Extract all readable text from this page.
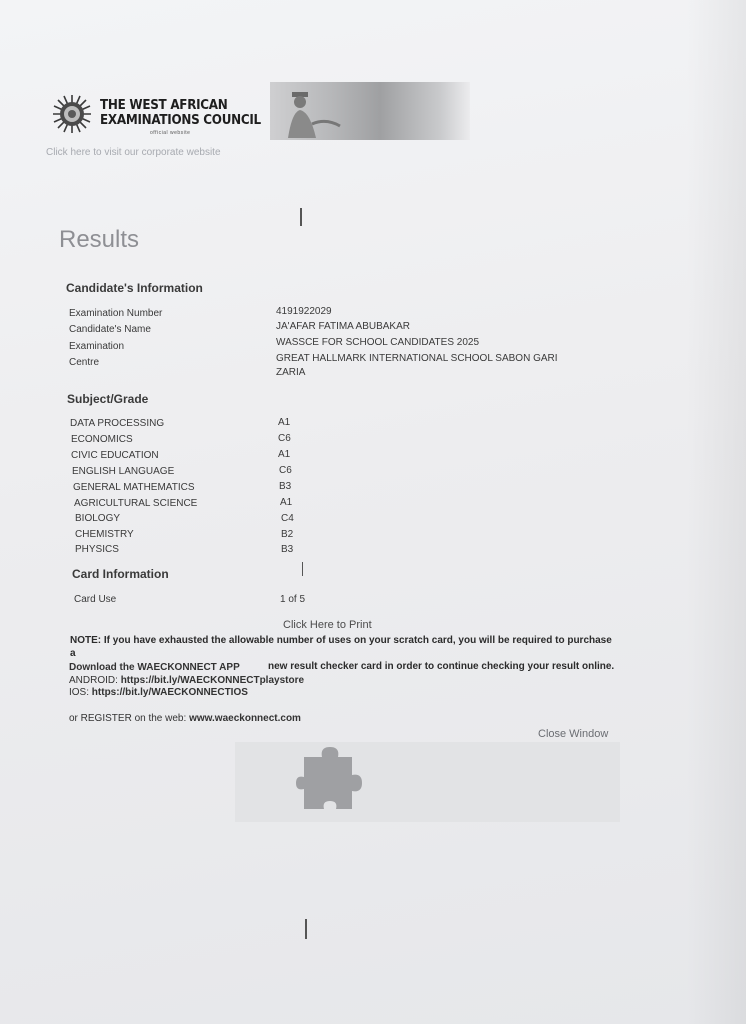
THE WEST AFRICAN
EXAMINATIONS COUNCIL
official website
Click here to visit our corporate website
Results
Candidate's Information
Examination Number	4191922029
Candidate's Name	JA'AFAR FATIMA ABUBAKAR
Examination	WASSCE FOR SCHOOL CANDIDATES 2025
Centre	GREAT HALLMARK INTERNATIONAL SCHOOL SABON GARI
ZARIA
Subject/Grade
DATA PROCESSING	A1
ECONOMICS	C6
CIVIC EDUCATION	A1
ENGLISH LANGUAGE	C6
GENERAL MATHEMATICS	B3
AGRICULTURAL SCIENCE	A1
BIOLOGY	C4
CHEMISTRY	B2
PHYSICS	B3
Card Information
Card Use	1 of 5
Click Here to Print
NOTE: If you have exhausted the allowable number of uses on your scratch card, you will be required to purchase a
new result checker card in order to continue checking your result online.
Download the WAECKONNECT APP
ANDROID: https://bit.ly/WAECKONNECTplaystore
IOS: https://bit.ly/WAECKONNECTIOS
or REGISTER on the web: www.waeckonnect.com
Close Window
